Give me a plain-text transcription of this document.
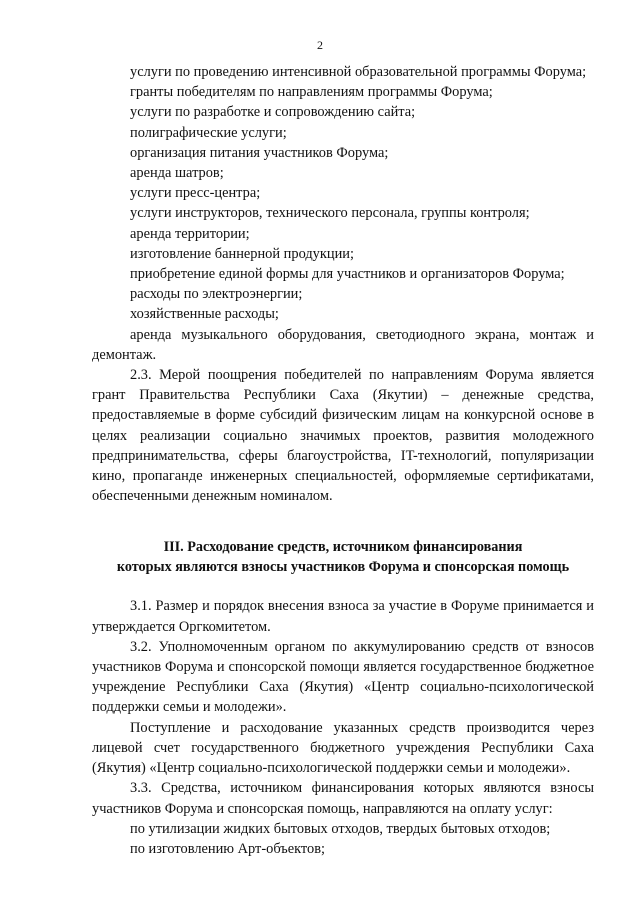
2

услуги по проведению интенсивной образовательной программы Форума;

гранты победителям по направлениям программы Форума;

услуги по разработке и сопровождению сайта;

полиграфические услуги;

организация питания участников Форума;

аренда шатров;

услуги пресс-центра;

услуги инструкторов, технического персонала, группы контроля;

аренда территории;

изготовление баннерной продукции;

приобретение единой формы для участников и организаторов Форума;

расходы по электроэнергии;

хозяйственные расходы;

аренда музыкального оборудования, светодиодного экрана, монтаж и демонтаж.

2.3. Мерой поощрения победителей по направлениям Форума является грант Правительства Республики Саха (Якутии) – денежные средства, предоставляемые в форме субсидий физическим лицам на конкурсной основе в целях реализации социально значимых проектов, развития молодежного предпринимательства, сферы благоустройства, IT-технологий, популяризации кино, пропаганде инженерных специальностей, оформляемые сертификатами, обеспеченными денежным номиналом.

III. Расходование средств, источником финансирования

которых являются взносы участников Форума и спонсорская помощь

3.1. Размер и порядок внесения взноса за участие в Форуме принимается и утверждается Оргкомитетом.

3.2. Уполномоченным органом по аккумулированию средств от взносов участников Форума и спонсорской помощи является государственное бюджетное учреждение Республики Саха (Якутия) «Центр социально-психологической поддержки семьи и молодежи».

Поступление и расходование указанных средств производится через лицевой счет государственного бюджетного учреждения Республики Саха (Якутия) «Центр социально-психологической поддержки семьи и молодежи».

3.3. Средства, источником финансирования которых являются взносы участников Форума и спонсорская помощь, направляются на оплату услуг:

по утилизации жидких бытовых отходов, твердых бытовых отходов;

по изготовлению Арт-объектов;
